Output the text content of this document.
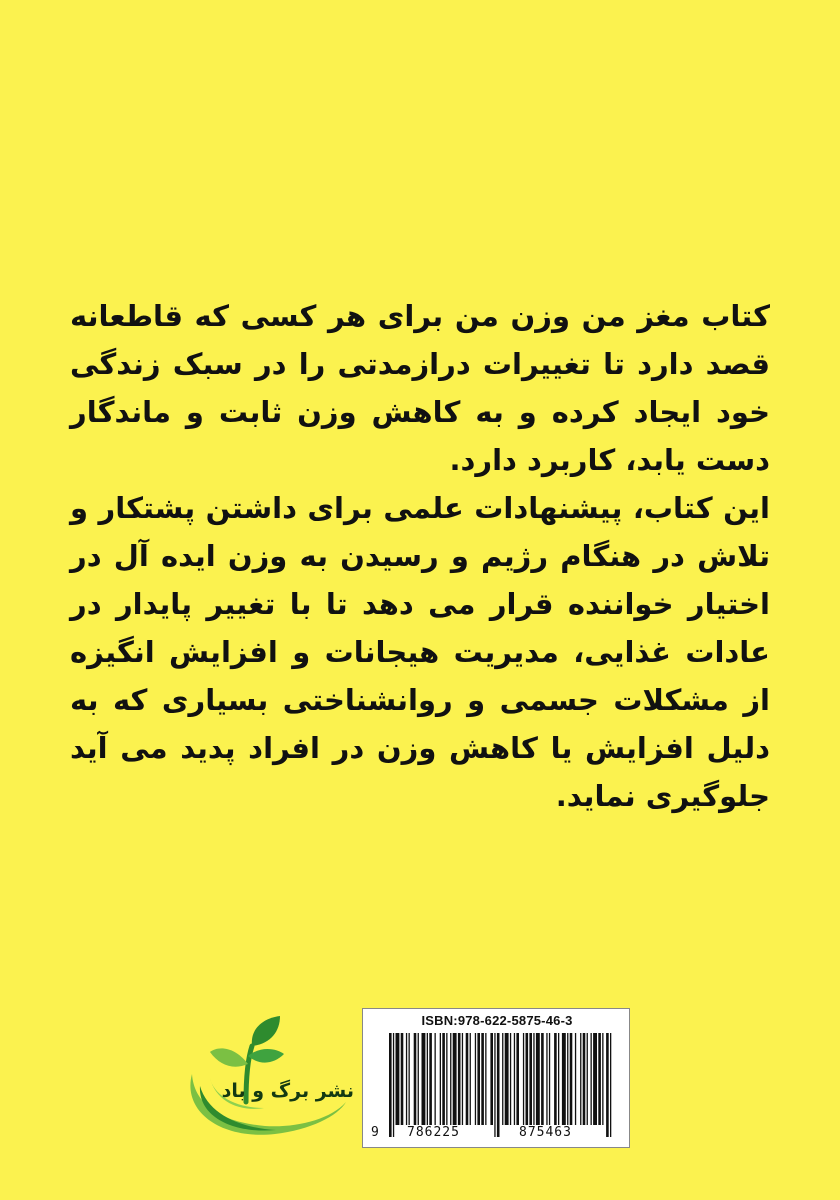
کتاب مغز من وزن من برای هر کسی که قاطعانه قصد دارد تا تغییرات درازمدتی را در سبک زندگی خود ایجاد کرده و به کاهش وزن ثابت و ماندگار دست یابد، کاربرد دارد.

این کتاب، پیشنهادات علمی برای داشتن پشتکار و تلاش در هنگام رژیم و رسیدن به وزن ایده آل در اختیار خواننده قرار می دهد تا با تغییر پایدار در عادات غذایی، مدیریت هیجانات و افزایش انگیزه از مشکلات جسمی و روانشناختی بسیاری که به دلیل افزایش یا کاهش وزن در افراد پدید می آید جلوگیری نماید.

نشر برگ و باد
ISBN:978-622-5875-46-3
9	786225	875463
